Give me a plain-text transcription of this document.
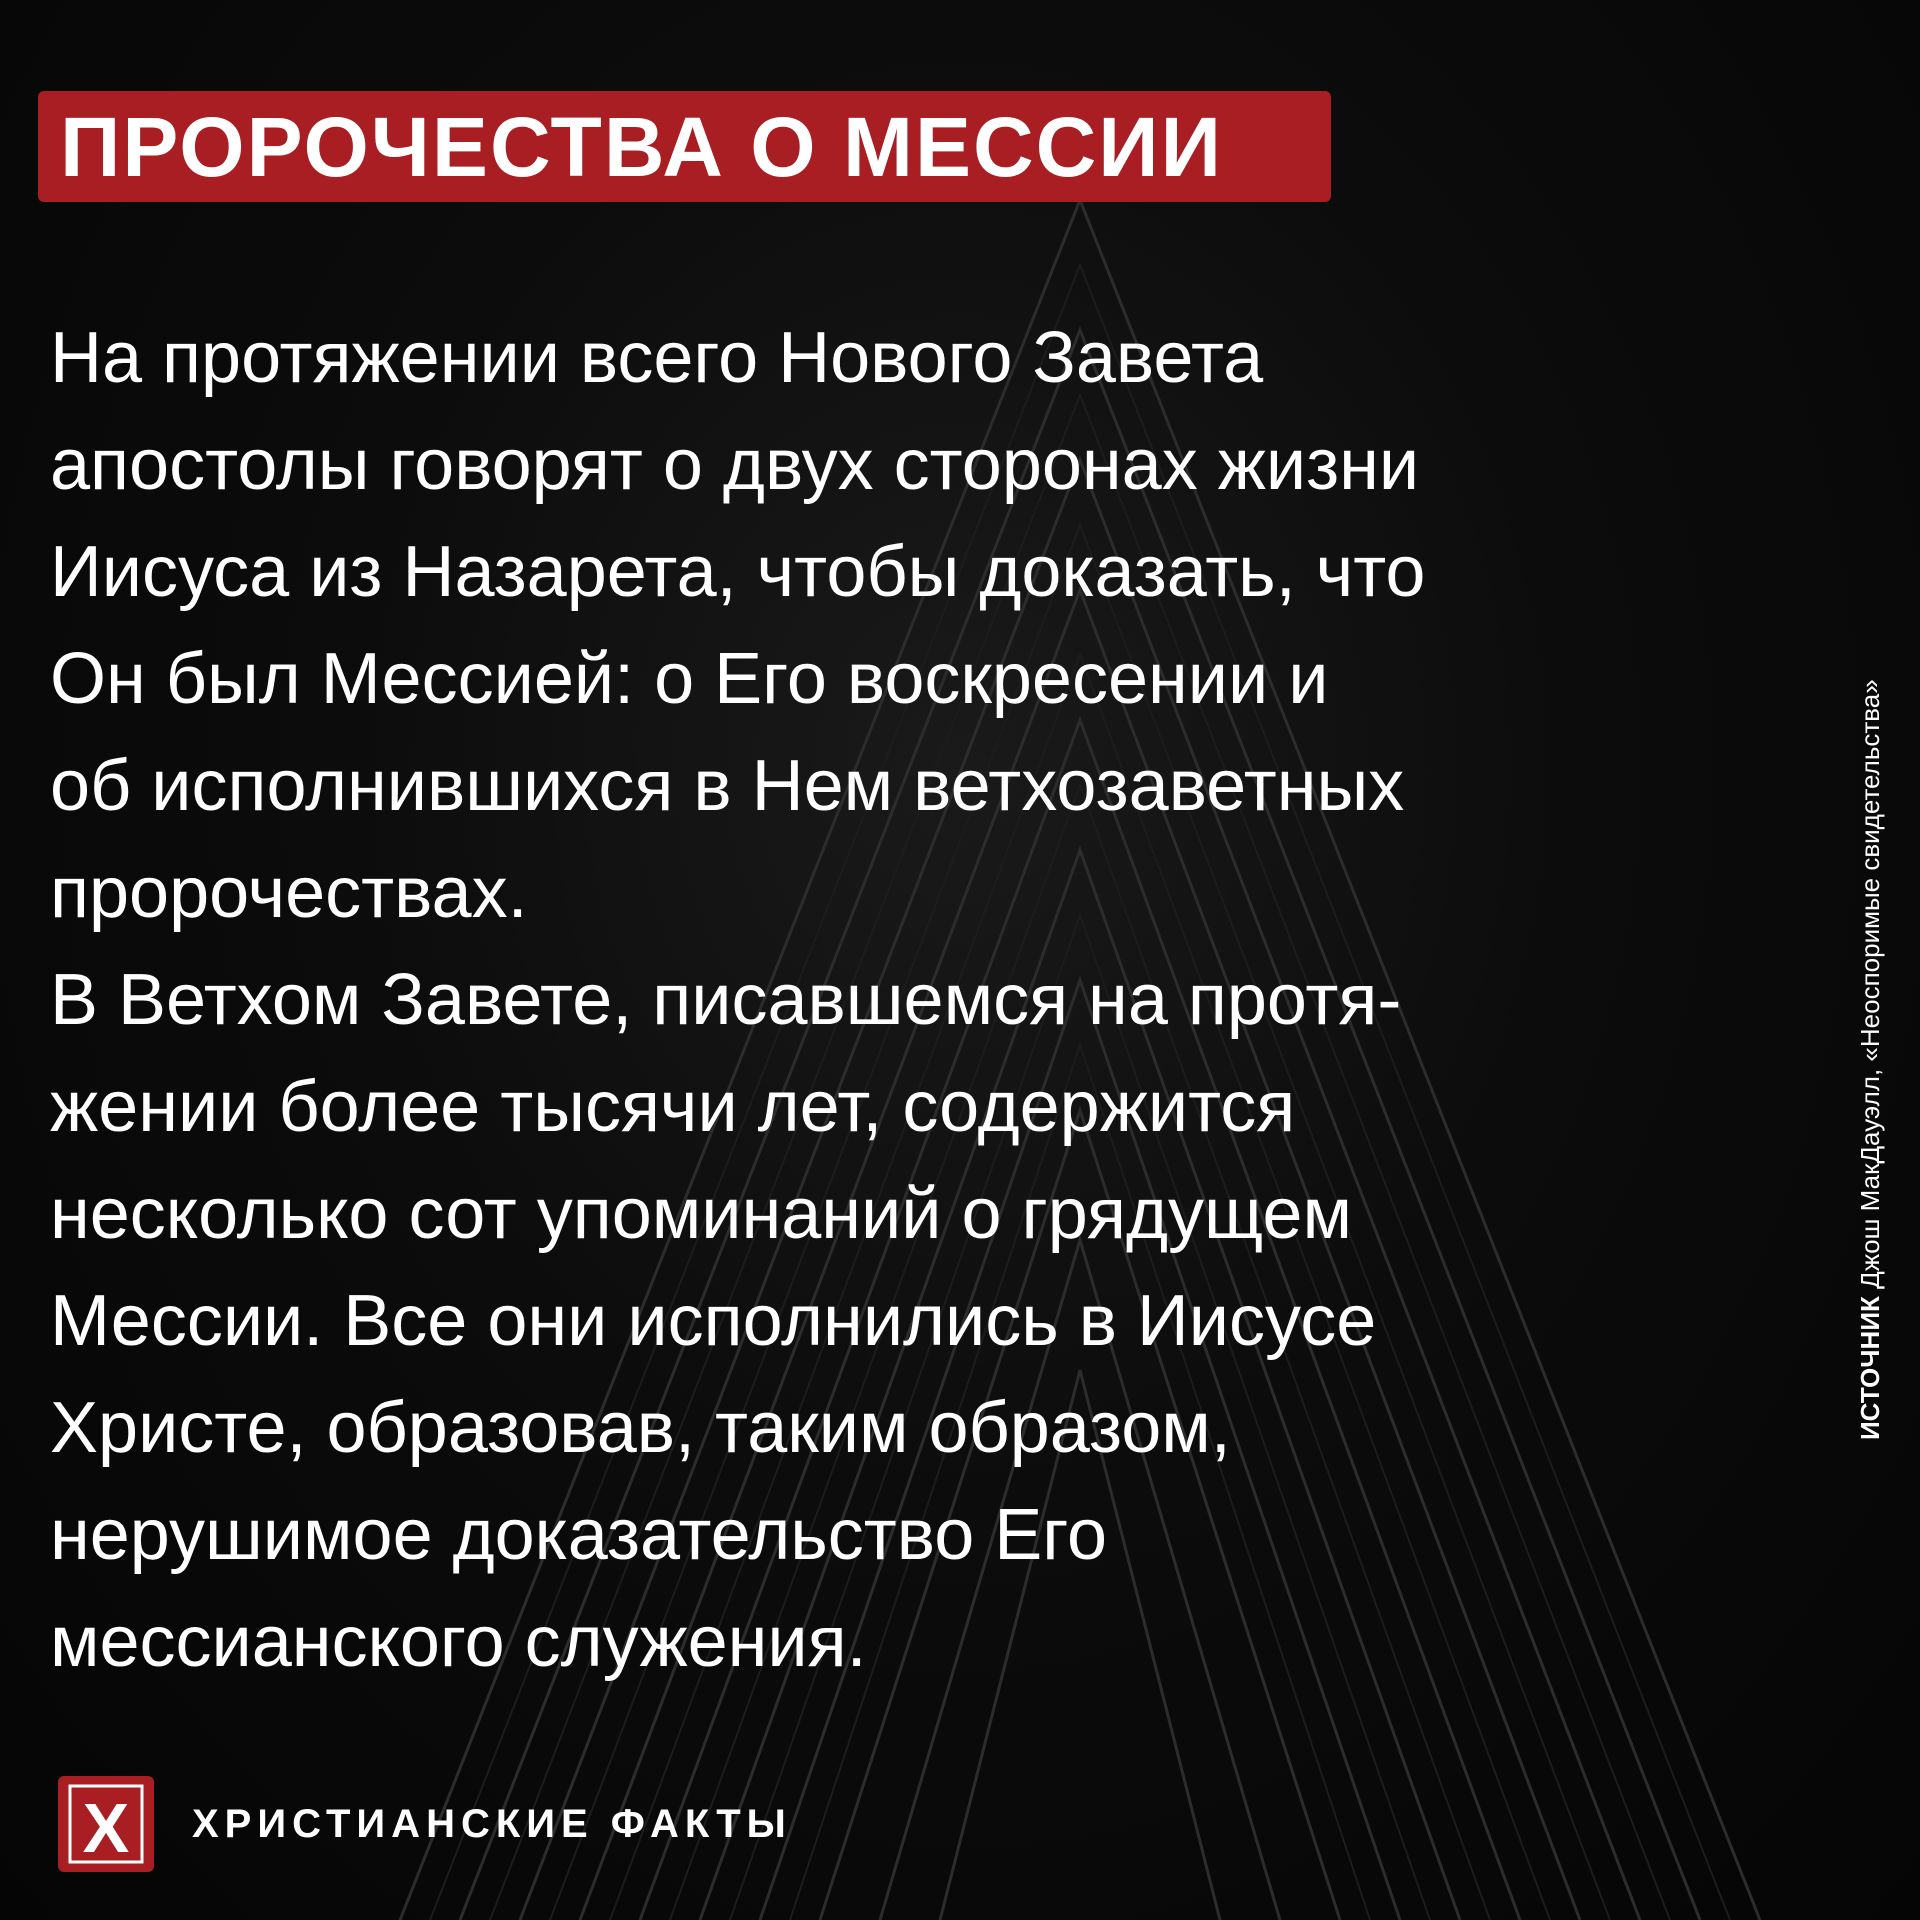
ПРОРОЧЕСТВА О МЕССИИ
На протяжении всего Нового Завета
апостолы говорят о двух сторонах жизни
Иисуса из Назарета, чтобы доказать, что
Он был Мессией: о Его воскресении и
об исполнившихся в Нем ветхозаветных
пророчествах.
В Ветхом Завете, писавшемся на протя-
жении более тысячи лет, содержится
несколько сот упоминаний о грядущем
Мессии. Все они исполнились в Иисусе
Христе, образовав, таким образом,
нерушимое доказательство Его
мессианского служения.
ИСТОЧНИК Джош МакДауэлл, «Неоспоримые свидетельства»
X ХРИСТИАНСКИЕ ФАКТЫ
